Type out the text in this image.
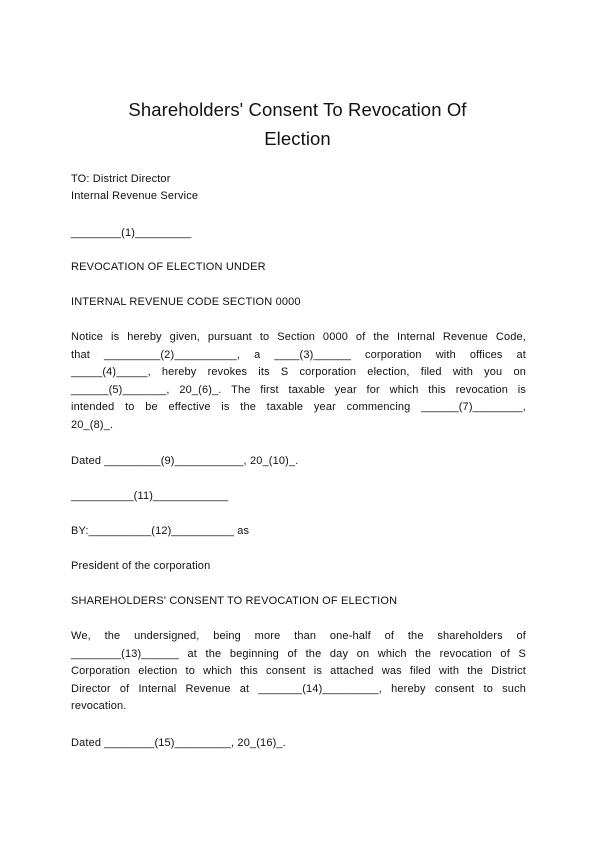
Shareholders' Consent To Revocation Of
Election
TO: District Director
Internal Revenue Service
________(1)_________
REVOCATION OF ELECTION UNDER
INTERNAL REVENUE CODE SECTION 0000
Notice is hereby given, pursuant to Section 0000 of the Internal Revenue Code,
that _________(2)__________, a ____(3)______ corporation with offices at
_____(4)_____, hereby revokes its S corporation election, filed with you on
______(5)_______, 20_(6)_. The first taxable year for which this revocation is
intended to be effective is the taxable year commencing ______(7)________,
20_(8)_.
Dated _________(9)___________, 20_(10)_.
__________(11)____________
BY:__________(12)__________ as
President of the corporation
SHAREHOLDERS' CONSENT TO REVOCATION OF ELECTION
We, the undersigned, being more than one-half of the shareholders of
________(13)______ at the beginning of the day on which the revocation of S
Corporation election to which this consent is attached was filed with the District
Director of Internal Revenue at _______(14)_________, hereby consent to such
revocation.
Dated ________(15)_________, 20_(16)_.
